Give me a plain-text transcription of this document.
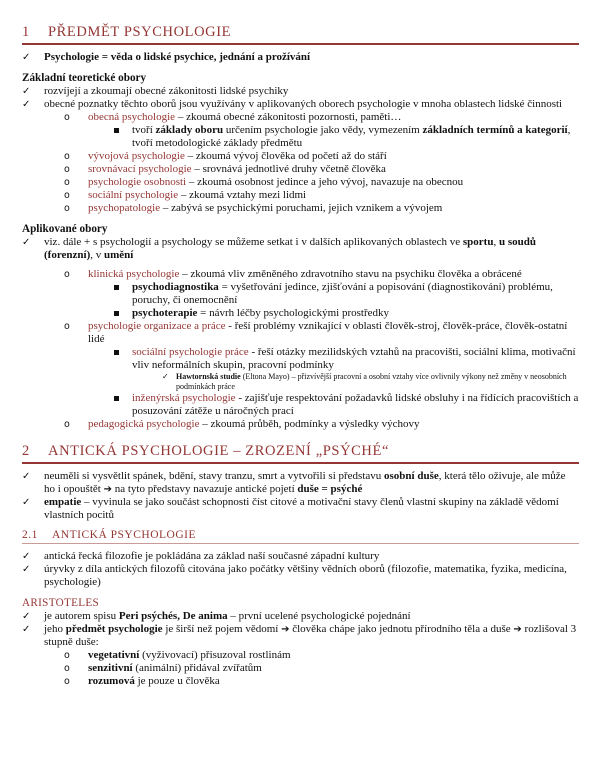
1	PŘEDMĚT PSYCHOLOGIE
✓ Psychologie = věda o lidské psychice, jednání a prožívání
Základní teoretické obory
✓ rozvíjejí a zkoumají obecné zákonitosti lidské psychiky
✓ obecné poznatky těchto oborů jsou využívány v aplikovaných oborech psychologie v mnoha oblastech lidské činnosti
o obecná psychologie – zkoumá obecné zákonitosti pozornosti, paměti…
tvoří základy oboru určením psychologie jako vědy, vymezením základních termínů a kategorií, tvoří metodologické základy předmětu
o vývojová psychologie – zkoumá vývoj člověka od početí až do stáří
o srovnávací psychologie – srovnává jednotlivé druhy včetně člověka
o psychologie osobnosti – zkoumá osobnost jedince a jeho vývoj, navazuje na obecnou
o sociální psychologie – zkoumá vztahy mezi lidmi
o psychopatologie – zabývá se psychickými poruchami, jejich vznikem a vývojem
Aplikované obory
✓ viz. dále + s psychologií a psychology se můžeme setkat i v dalších aplikovaných oblastech ve sportu, u soudů (forenzní), v umění
o klinická psychologie – zkoumá vliv změněného zdravotního stavu na psychiku člověka a obrácené
psychodiagnostika = vyšetřování jedince, zjišťování a popisování (diagnostikování) problému, poruchy, či onemocnění
psychoterapie = návrh léčby psychologickými prostředky
o psychologie organizace a práce - řeší problémy vznikající v oblasti člověk-stroj, člověk-práce, člověk-ostatní lidé
sociální psychologie práce - řeší otázky mezilidských vztahů na pracovišti, sociální klima, motivační vliv neformálních skupin, pracovní podmínky
✓ Hawtornská studie (Eltona Mayo) – přizvívější pracovní a osobní vztahy více ovlivnily výkony než změny v neosobních podmínkách práce
inženýrská psychologie - zajišťuje respektování požadavků lidské obsluhy i na řídících pracovištích a posuzování zátěže u náročných prací
o pedagogická psychologie – zkoumá průběh, podmínky a výsledky výchovy
2	ANTICKÁ PSYCHOLOGIE – ZROZENÍ „PSÝCHÉ“
✓ neuměli si vysvětlit spánek, bdění, stavy tranzu, smrt a vytvořili si představu osobní duše, která tělo oživuje, ale může ho i opouštět ➔ na tyto představy navazuje antické pojetí duše = psýché
✓ empatie – vyvinula se jako součást schopnosti číst citové a motivační stavy členů vlastní skupiny na základě vědomí vlastních pocitů
2.1	ANTICKÁ PSYCHOLOGIE
✓ antická řecká filozofie je pokládána za základ naší současné západní kultury
✓ úryvky z díla antických filozofů citována jako počátky většiny vědních oborů (filozofie, matematika, fyzika, medicína, psychologie)
ARISTOTELES
✓ je autorem spisu Peri psýchés, De anima – první ucelené psychologické pojednání
✓ jeho předmět psychologie je širší než pojem vědomí ➔ člověka chápe jako jednotu přírodního těla a duše ➔ rozlišoval 3 stupně duše:
o vegetativní (vyživovací) přisuzoval rostlinám
o senzitivní (animální) přidával zvířatům
o rozumová je pouze u člověka
